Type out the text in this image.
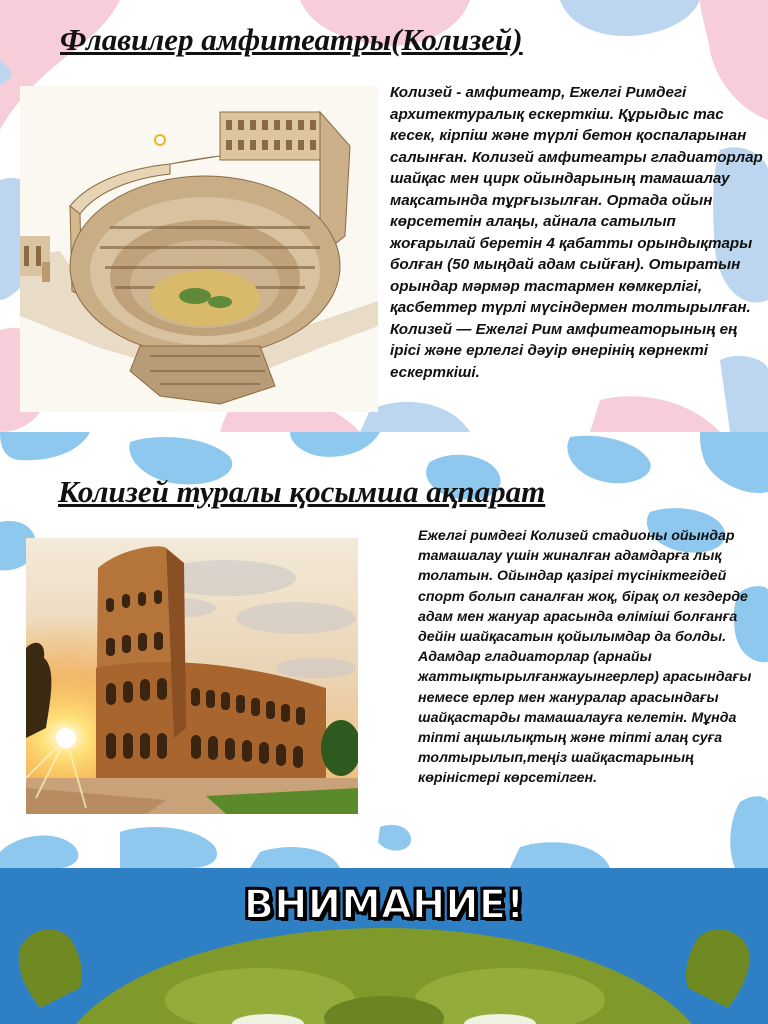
Флавилер амфитеатры(Колизей)

Колизей - амфитеатр, Ежелгі Римдегі архитектуралық ескерткіш. Құрыдыс тас кесек, кірпіш және түрлі бетон қоспаларынан салынған. Колизей амфитеатры гладиаторлар шайқас мен цирк ойындарының тамашалау мақсатында тұрғызылған. Ортада ойын көрсететін алаңы, айнала сатылып жоғарылай беретін 4 қабатты орындықтары болған (50 мыңдай адам сыйған). Отыратын орындар мәрмәр тастармен көмкерлігі, қасбеттер түрлі мүсіндермен толтырылған. Колизей — Ежелгі Рим амфитеаторының ең ірісі және ерлелгі дәуір өнерінің көрнекті ескерткіші.

Колизей туралы қосымша ақпарат

Ежелгі римдегі Колизей стадионы ойындар тамашалау үшін жиналған адамдарға лық толатын. Ойындар қазіргі түсініктегідей спорт болып саналған жоқ, бірақ ол кездерде адам мен жануар арасында өлімішi болғанға дейін шайқасатын қойылымдар да болды. Адамдар гладиаторлар (арнайы жаттықтырылғанжауынгерлер) арасындағы немесе ерлер мен жануралар арасындағы шайқастарды тамашалауға келетін. Мұнда тіпті аңшылықтың және тіпті алаң суға толтырылып,теңіз шайқастарының көріністері көрсетілген.

ВНИМАНИЕ!
